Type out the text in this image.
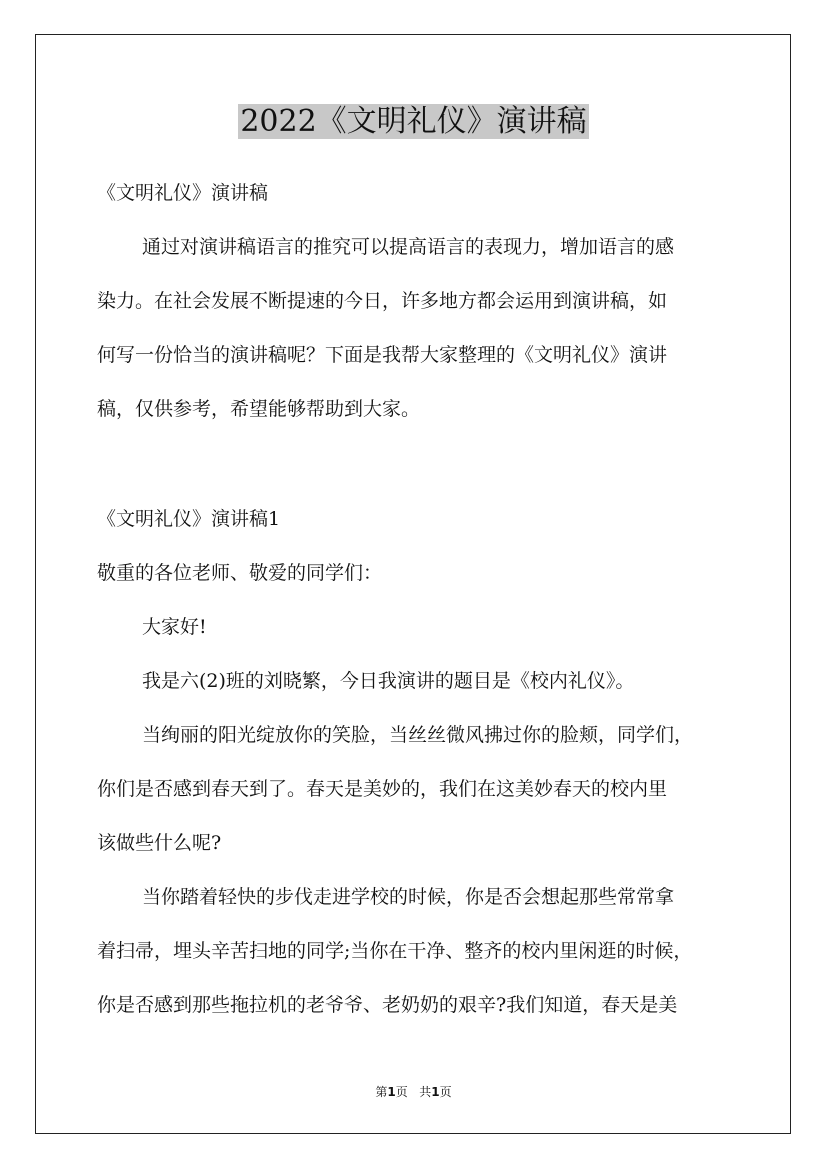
2022《文明礼仪》演讲稿
《文明礼仪》演讲稿
通过对演讲稿语言的推究可以提高语言的表现力，增加语言的感
染力。在社会发展不断提速的今日，许多地方都会运用到演讲稿，如
何写一份恰当的演讲稿呢？下面是我帮大家整理的《文明礼仪》演讲
稿，仅供参考，希望能够帮助到大家。
《文明礼仪》演讲稿1
敬重的各位老师、敬爱的同学们：
大家好!
我是六(2)班的刘晓繁，今日我演讲的题目是《校内礼仪》。
当绚丽的阳光绽放你的笑脸，当丝丝微风拂过你的脸颊，同学们，
你们是否感到春天到了。春天是美妙的，我们在这美妙春天的校内里
该做些什么呢?
当你踏着轻快的步伐走进学校的时候，你是否会想起那些常常拿
着扫帚，埋头辛苦扫地的同学;当你在干净、整齐的校内里闲逛的时候，
你是否感到那些拖拉机的老爷爷、老奶奶的艰辛?我们知道，春天是美
第1页 共1页
